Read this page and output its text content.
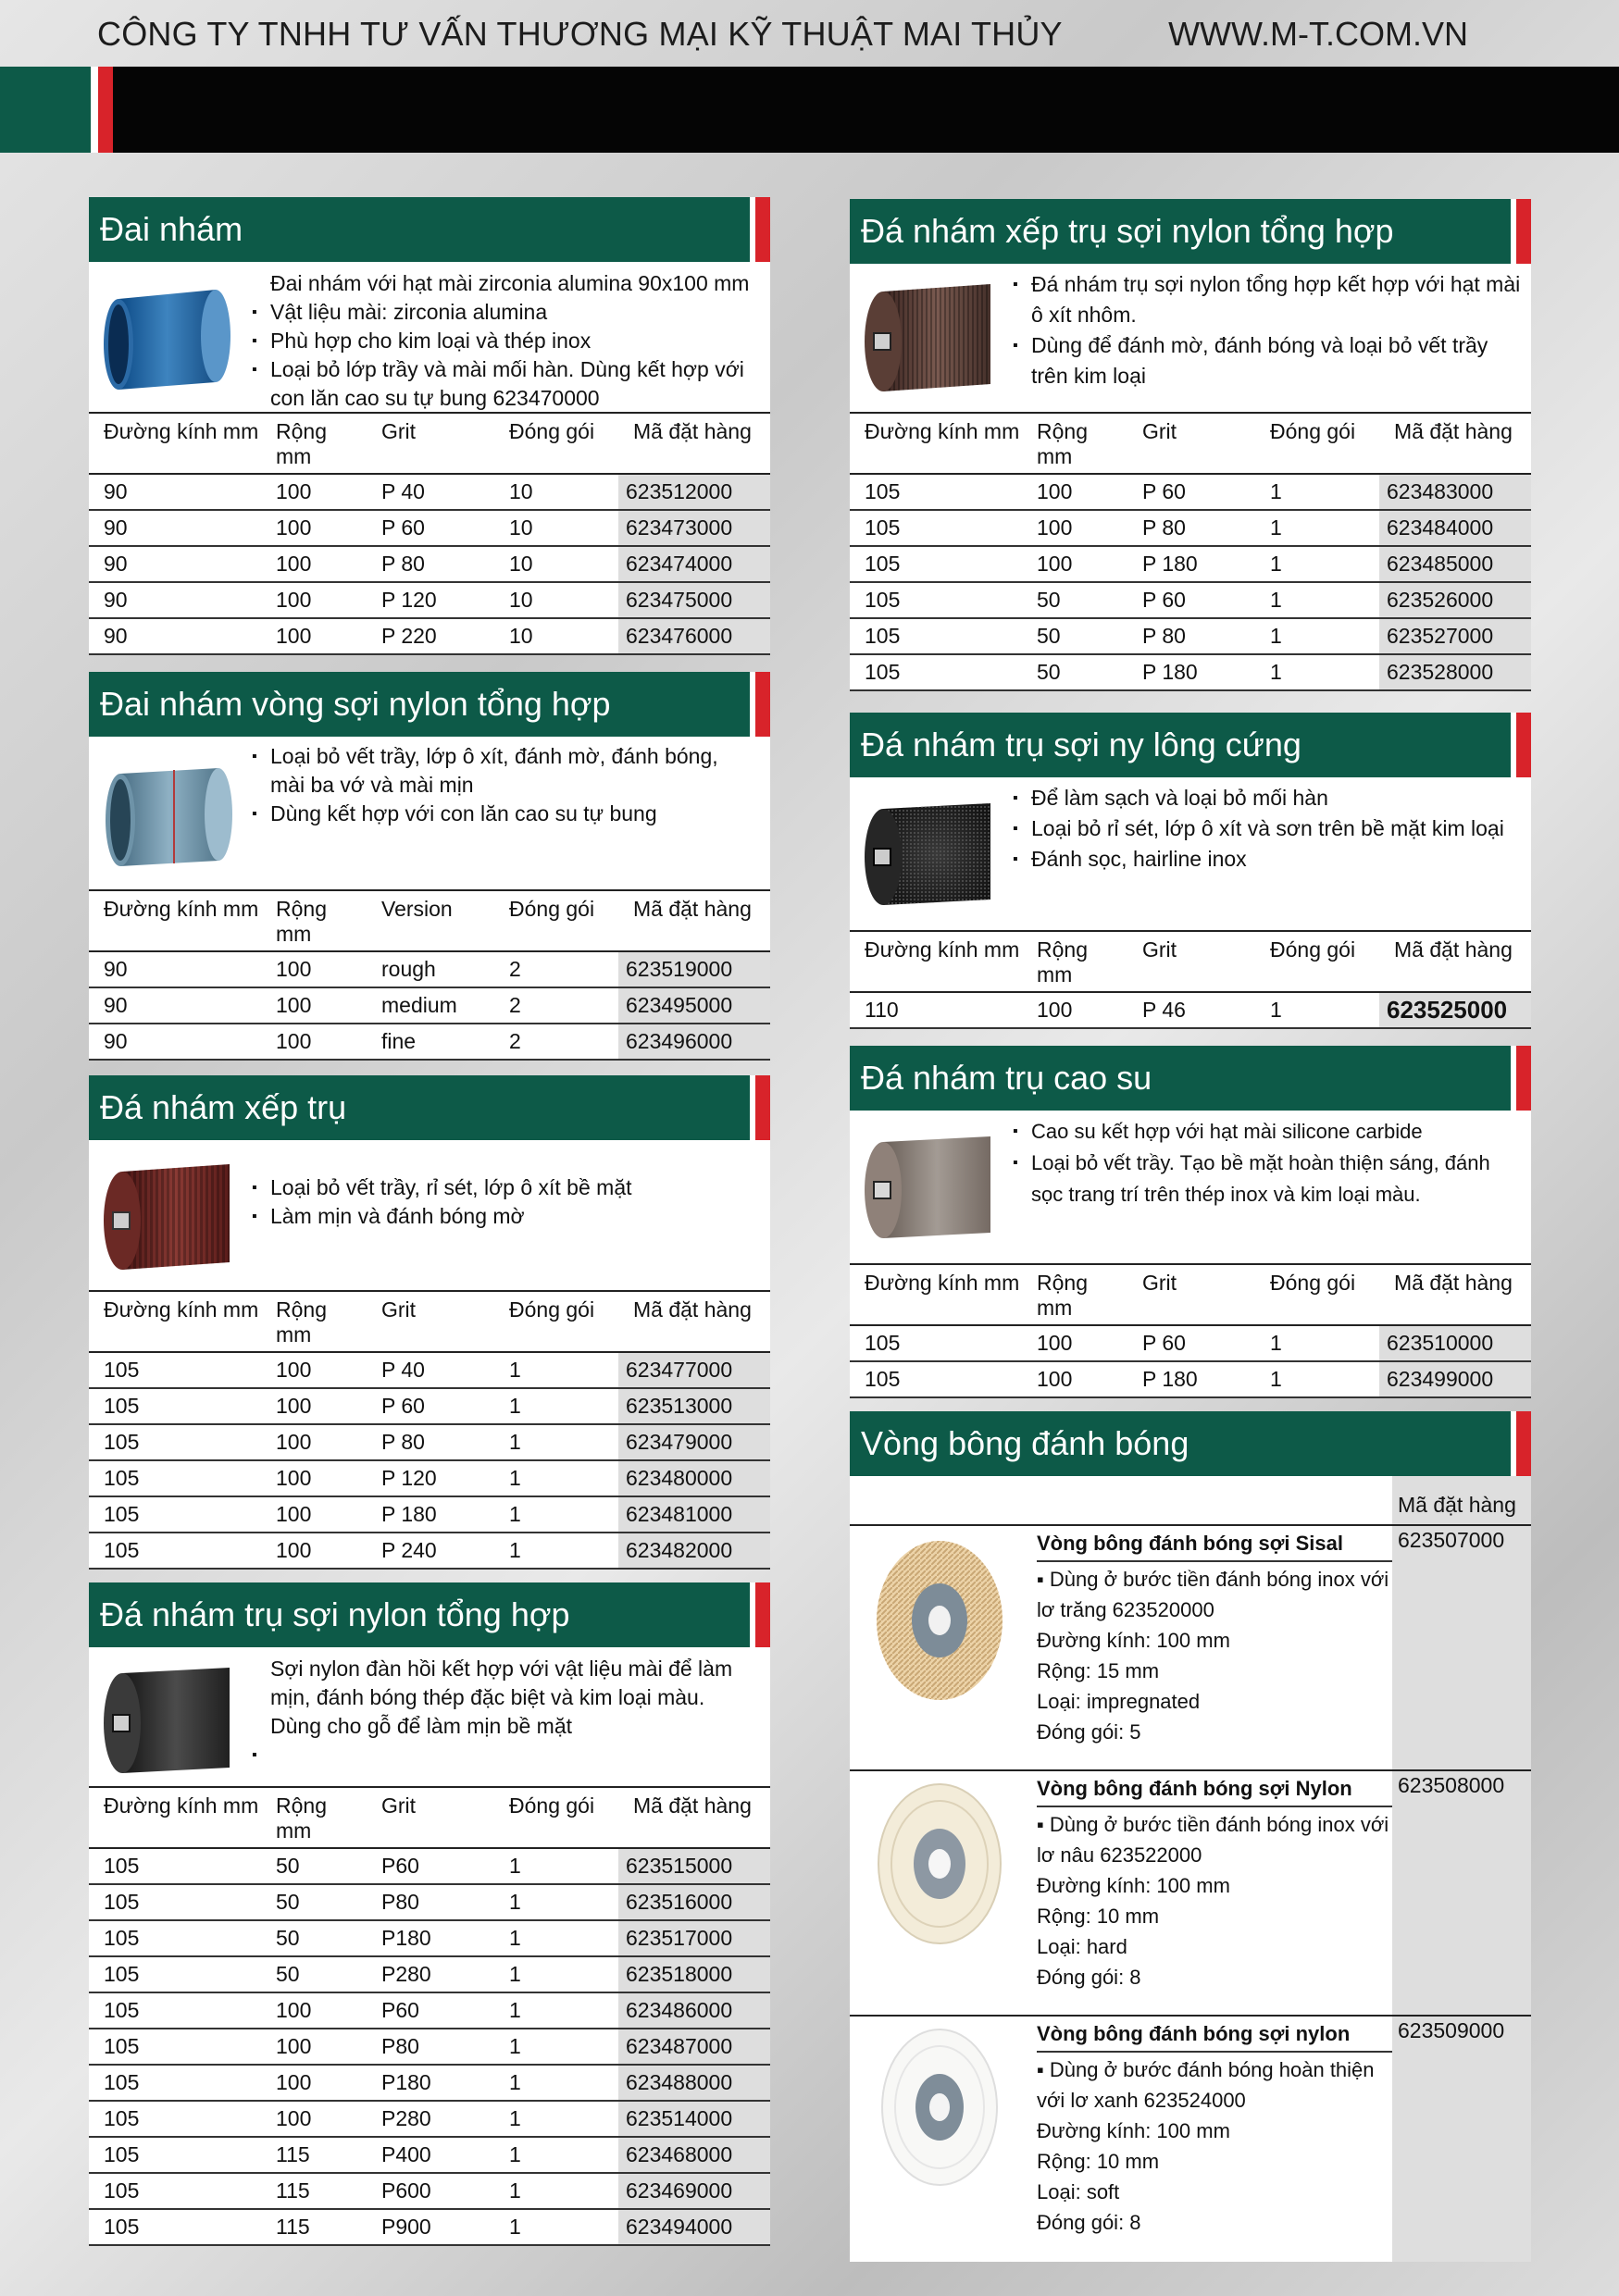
CÔNG TY TNHH TƯ VẤN THƯƠNG MẠI KỸ THUẬT MAI THỦY	WWW.M-T.COM.VN
Đai nhám
Đai nhám với hạt mài zirconia alumina 90x100 mm
▪ Vật liệu mài: zirconia alumina
▪ Phù hợp cho kim loại và thép inox
▪ Loại bỏ lớp trầy và mài mối hàn. Dùng kết hợp với
con lăn cao su tự bung 623470000
Đường kính mm	Rộng mm	Grit	Đóng gói	Mã đặt hàng
90	100	P 40	10	623512000
90	100	P 60	10	623473000
90	100	P 80	10	623474000
90	100	P 120	10	623475000
90	100	P 220	10	623476000
Đai nhám vòng sợi nylon tổng hợp
▪ Loại bỏ vết trầy, lớp ô xít, đánh mờ, đánh bóng, mài ba vớ và mài mịn
▪ Dùng kết hợp với con lăn cao su tự bung
Đường kính mm	Rộng mm	Version	Đóng gói	Mã đặt hàng
90	100	rough	2	623519000
90	100	medium	2	623495000
90	100	fine	2	623496000
Đá nhám xếp trụ
▪ Loại bỏ vết trầy, rỉ sét, lớp ô xít bề mặt
▪ Làm mịn và đánh bóng mờ
Đường kính mm	Rộng mm	Grit	Đóng gói	Mã đặt hàng
105	100	P 40	1	623477000
105	100	P 60	1	623513000
105	100	P 80	1	623479000
105	100	P 120	1	623480000
105	100	P 180	1	623481000
105	100	P 240	1	623482000
Đá nhám trụ sợi nylon tổng hợp
Sợi nylon đàn hồi kết hợp với vật liệu mài để làm mịn, đánh bóng thép đặc biệt và kim loại màu. Dùng cho gỗ để làm mịn bề mặt
Đường kính mm	Rộng mm	Grit	Đóng gói	Mã đặt hàng
105	50	P60	1	623515000
105	50	P80	1	623516000
105	50	P180	1	623517000
105	50	P280	1	623518000
105	100	P60	1	623486000
105	100	P80	1	623487000
105	100	P180	1	623488000
105	100	P280	1	623514000
105	115	P400	1	623468000
105	115	P600	1	623469000
105	115	P900	1	623494000
Đá nhám xếp trụ sợi nylon tổng hợp
▪ Đá nhám trụ sợi nylon tổng hợp kết hợp với hạt mài ô xít nhôm.
▪ Dùng để đánh mờ, đánh bóng và loại bỏ vết trầy trên kim loại
Đường kính mm	Rộng mm	Grit	Đóng gói	Mã đặt hàng
105	100	P 60	1	623483000
105	100	P 80	1	623484000
105	100	P 180	1	623485000
105	50	P 60	1	623526000
105	50	P 80	1	623527000
105	50	P 180	1	623528000
Đá nhám trụ sợi ny lông cứng
▪ Để làm sạch và loại bỏ mối hàn
▪ Loại bỏ rỉ sét, lớp ô xít và sơn trên bề mặt kim loại
▪ Đánh sọc, hairline inox
Đường kính mm	Rộng mm	Grit	Đóng gói	Mã đặt hàng
110	100	P 46	1	623525000
Đá nhám trụ cao su
▪ Cao su kết hợp với hạt mài silicone carbide
▪ Loại bỏ vết trầy. Tạo bề mặt hoàn thiện sáng, đánh sọc trang trí trên thép inox và kim loại màu.
Đường kính mm	Rộng mm	Grit	Đóng gói	Mã đặt hàng
105	100	P 60	1	623510000
105	100	P 180	1	623499000
Vòng bông đánh bóng
Mã đặt hàng
Vòng bông đánh bóng sợi Sisal
▪ Dùng ở bước tiền đánh bóng inox với
lơ trăng 623520000
Đường kính: 100 mm
Rộng: 15 mm
Loại: impregnated
Đóng gói: 5
623507000
Vòng bông đánh bóng sợi Nylon
▪ Dùng ở bước tiền đánh bóng inox với
lơ nâu 623522000
Đường kính: 100 mm
Rộng: 10 mm
Loại: hard
Đóng gói: 8
623508000
Vòng bông đánh bóng sợi nylon
▪ Dùng ở bước đánh bóng hoàn thiện
với lơ xanh 623524000
Đường kính: 100 mm
Rộng: 10 mm
Loại: soft
Đóng gói: 8
623509000
